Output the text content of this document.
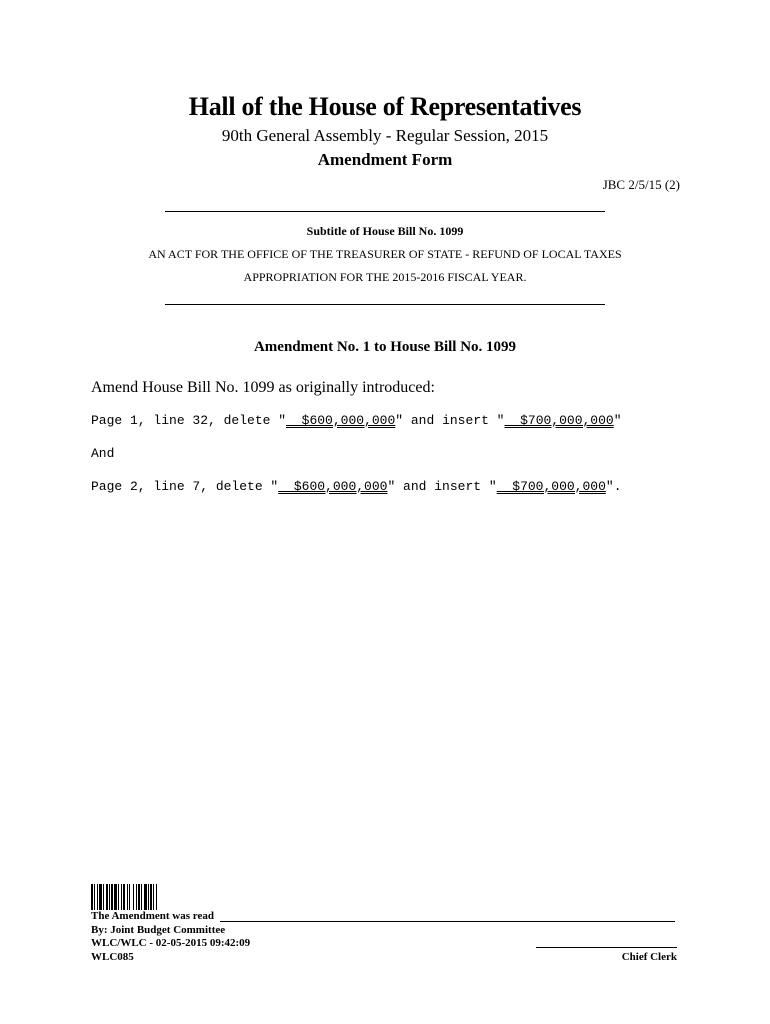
Hall of the House of Representatives
90th General Assembly - Regular Session, 2015
Amendment Form
JBC 2/5/15 (2)
Subtitle of House Bill No. 1099
AN ACT FOR THE OFFICE OF THE TREASURER OF STATE - REFUND OF LOCAL TAXES
APPROPRIATION FOR THE 2015-2016 FISCAL YEAR.
Amendment No. 1 to House Bill No. 1099
Amend House Bill No. 1099 as originally introduced:
Page 1, line 32, delete "  $600,000,000" and insert "  $700,000,000"
And
Page 2, line 7, delete "  $600,000,000" and insert "  $700,000,000".
The Amendment was read
By: Joint Budget Committee
WLC/WLC - 02-05-2015 09:42:09
WLC085	Chief Clerk
